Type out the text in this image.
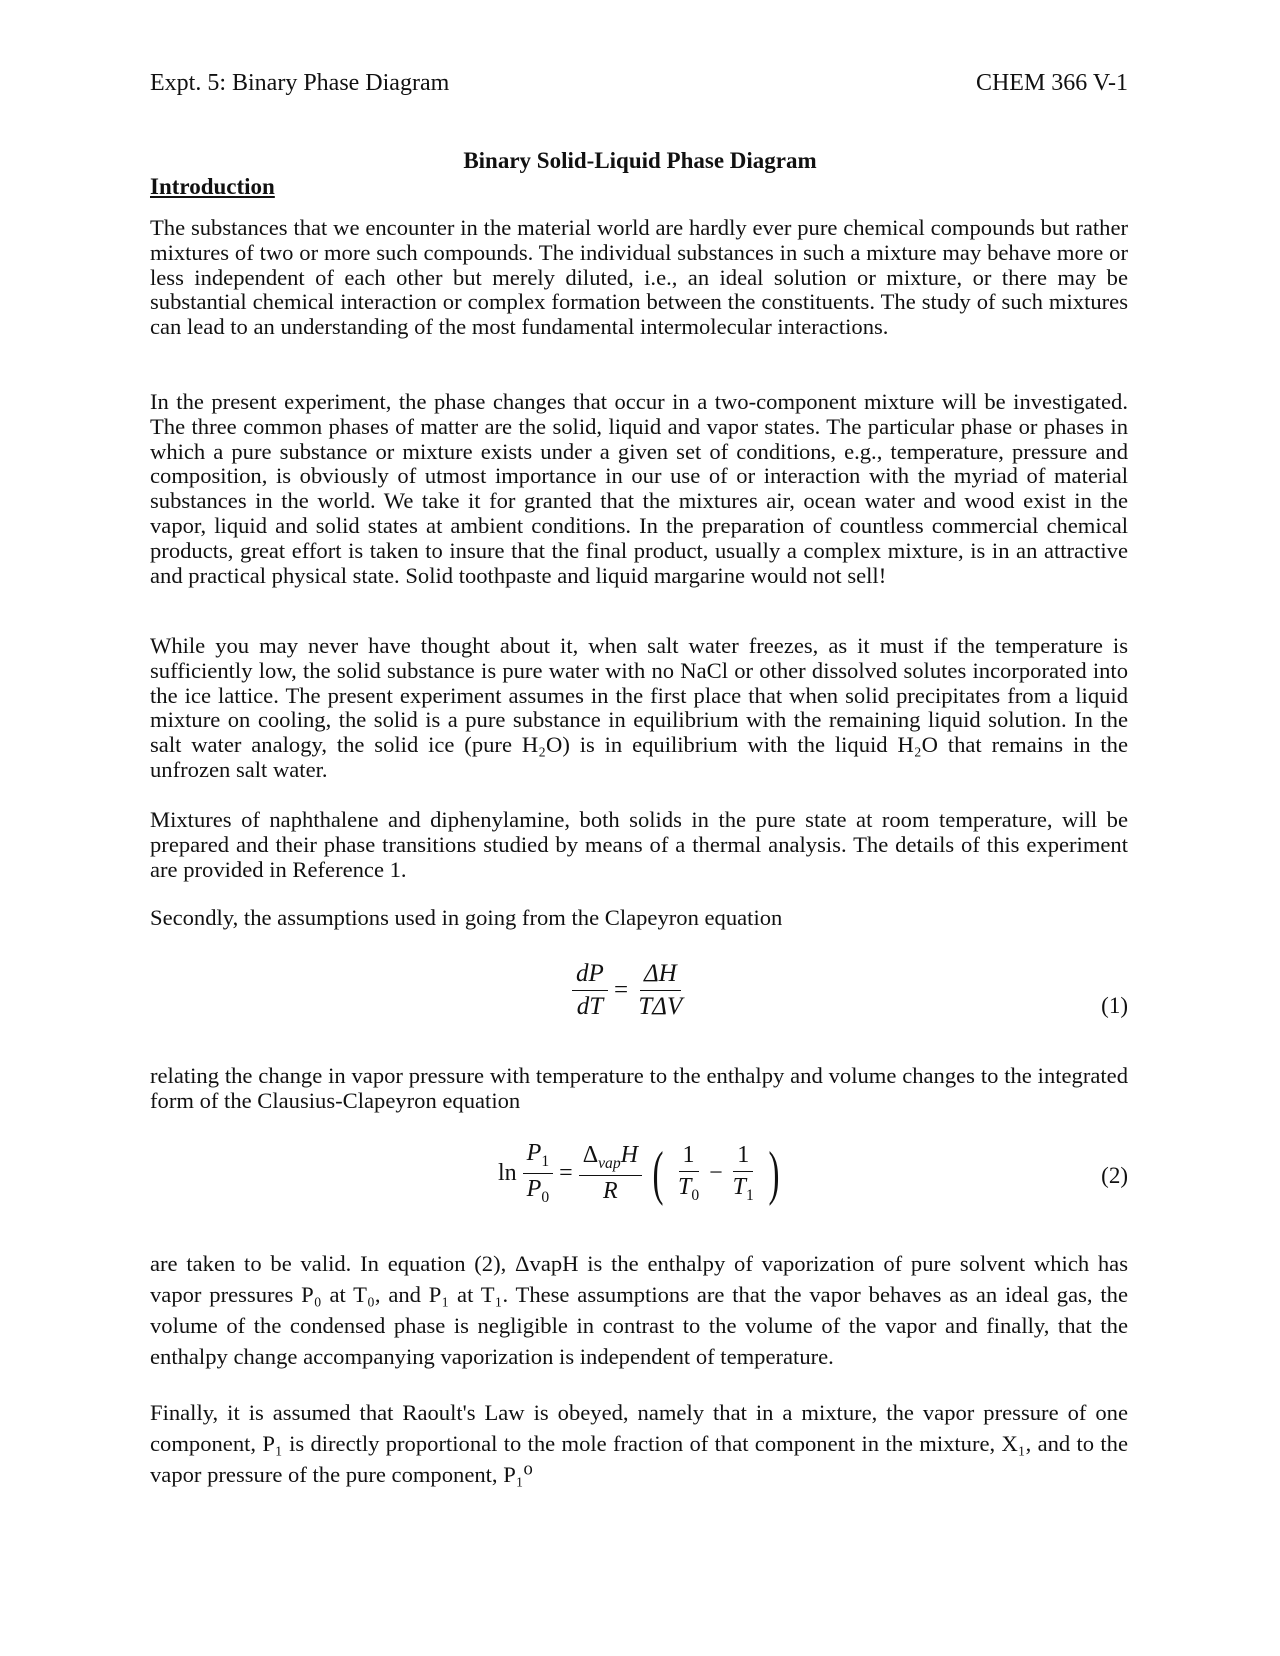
Expt. 5: Binary Phase Diagram	CHEM 366 V-1
Binary Solid-Liquid Phase Diagram
Introduction

The substances that we encounter in the material world are hardly ever pure chemical compounds but rather mixtures of two or more such compounds. The individual substances in such a mixture may behave more or less independent of each other but merely diluted, i.e., an ideal solution or mixture, or there may be substantial chemical interaction or complex formation between the constituents. The study of such mixtures can lead to an understanding of the most fundamental intermolecular interactions.

In the present experiment, the phase changes that occur in a two-component mixture will be investigated. The three common phases of matter are the solid, liquid and vapor states. The particular phase or phases in which a pure substance or mixture exists under a given set of conditions, e.g., temperature, pressure and composition, is obviously of utmost importance in our use of or interaction with the myriad of material substances in the world. We take it for granted that the mixtures air, ocean water and wood exist in the vapor, liquid and solid states at ambient conditions. In the preparation of countless commercial chemical products, great effort is taken to insure that the final product, usually a complex mixture, is in an attractive and practical physical state. Solid toothpaste and liquid margarine would not sell!

While you may never have thought about it, when salt water freezes, as it must if the temperature is sufficiently low, the solid substance is pure water with no NaCl or other dissolved solutes incorporated into the ice lattice. The present experiment assumes in the first place that when solid precipitates from a liquid mixture on cooling, the solid is a pure substance in equilibrium with the remaining liquid solution. In the salt water analogy, the solid ice (pure H₂O) is in equilibrium with the liquid H₂O that remains in the unfrozen salt water.

Mixtures of naphthalene and diphenylamine, both solids in the pure state at room temperature, will be prepared and their phase transitions studied by means of a thermal analysis. The details of this experiment are provided in Reference 1.

Secondly, the assumptions used in going from the Clapeyron equation

$\frac{dP}{dT} = \frac{\Delta H}{\text{TΔV}}$	(1)

relating the change in vapor pressure with temperature to the enthalpy and volume changes to the integrated form of the Clausius-Clapeyron equation

$\ln \frac{P_1}{P_0} = \frac{\Delta_{vap}H}{R}$ ( $\frac{1}{T_0} - \frac{1}{T_1}$ )	(2)

are taken to be valid. In equation (2), ΔvapH is the enthalpy of vaporization of pure solvent which has vapor pressures P₀ at T₀, and P₁ at T₁. These assumptions are that the vapor behaves as an ideal gas, the volume of the condensed phase is negligible in contrast to the volume of the vapor and finally, that the enthalpy change accompanying vaporization is independent of temperature.

Finally, it is assumed that Raoult's Law is obeyed, namely that in a mixture, the vapor pressure of one component, P₁ is directly proportional to the mole fraction of that component in the mixture, X₁, and to the vapor pressure of the pure component, P₁⁰
